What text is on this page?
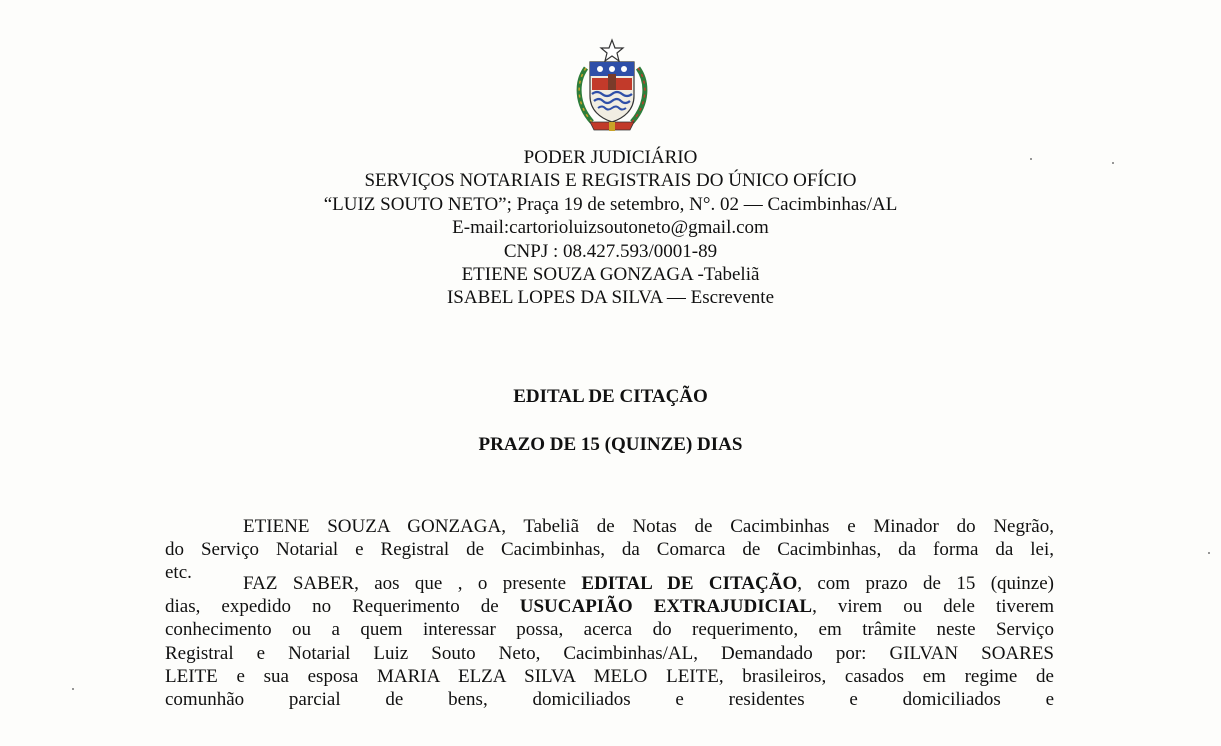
PODER JUDICIÁRIO
SERVIÇOS NOTARIAIS E REGISTRAIS DO ÚNICO OFÍCIO
“LUIZ SOUTO NETO”; Praça 19 de setembro, N°. 02 — Cacimbinhas/AL
E-mail:cartorioluizsoutoneto@gmail.com
CNPJ : 08.427.593/0001-89
ETIENE SOUZA GONZAGA -Tabeliã
ISABEL LOPES DA SILVA — Escrevente
EDITAL DE CITAÇÃO
PRAZO DE 15 (QUINZE) DIAS
ETIENE SOUZA GONZAGA, Tabeliã de Notas de Cacimbinhas e Minador do Negrão,
do Serviço Notarial e Registral de Cacimbinhas, da Comarca de Cacimbinhas, da forma da lei,
etc.
FAZ SABER, aos que , o presente EDITAL DE CITAÇÃO, com prazo de 15 (quinze)
dias, expedido no Requerimento de USUCAPIÃO EXTRAJUDICIAL, virem ou dele tiverem
conhecimento ou a quem interessar possa, acerca do requerimento, em trâmite neste Serviço
Registral e Notarial Luiz Souto Neto, Cacimbinhas/AL, Demandado por: GILVAN SOARES
LEITE e sua esposa MARIA ELZA SILVA MELO LEITE, brasileiros, casados em regime de
comunhão parcial de bens, domiciliados e residentes e domiciliados e
